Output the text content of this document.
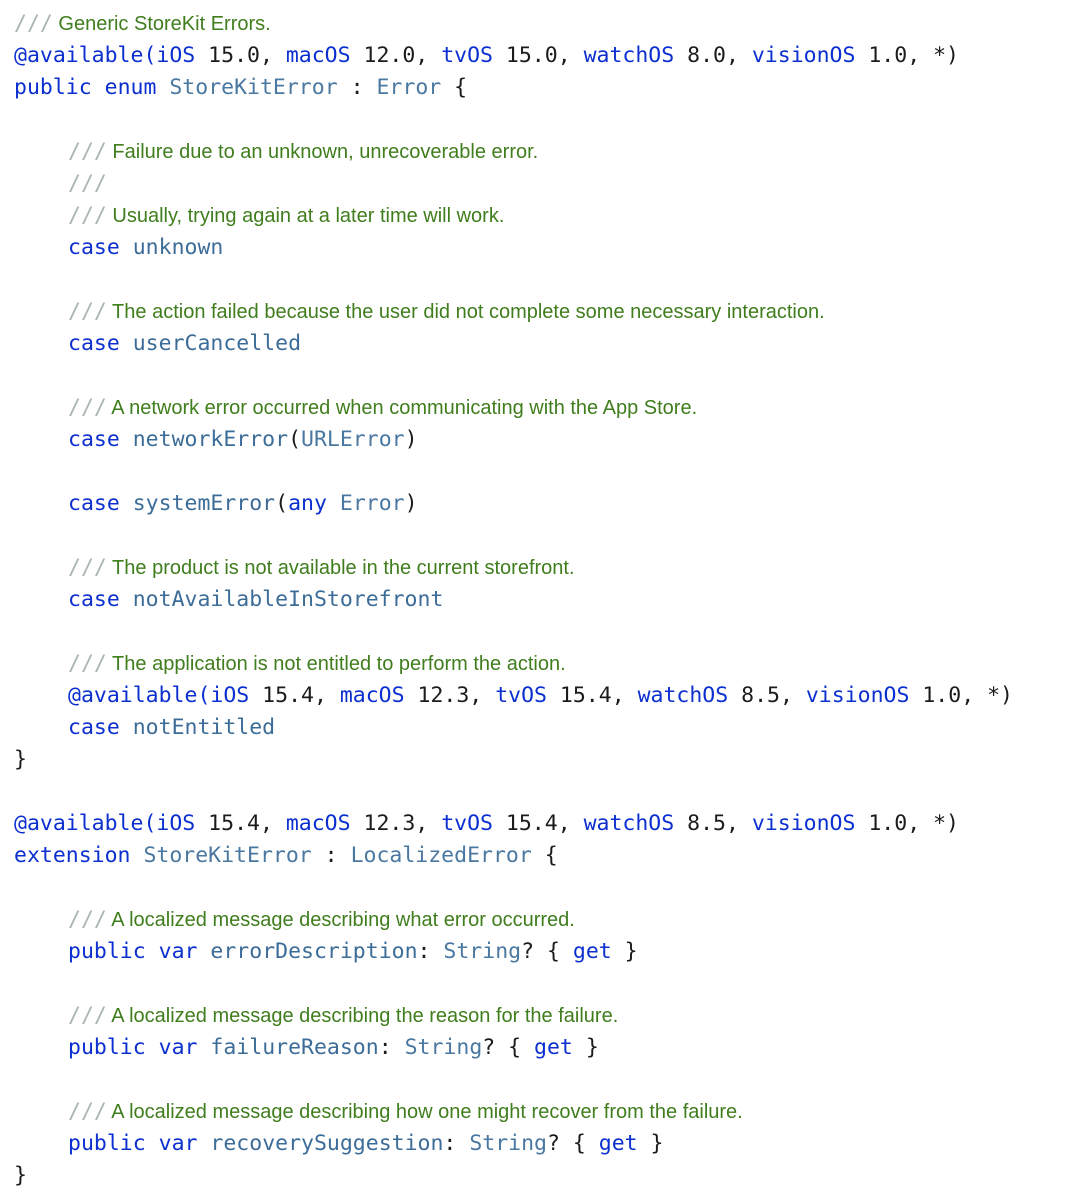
/// Generic StoreKit Errors.
@available(iOS 15.0, macOS 12.0, tvOS 15.0, watchOS 8.0, visionOS 1.0, *)
public enum StoreKitError : Error {
/// Failure due to an unknown, unrecoverable error.
///
/// Usually, trying again at a later time will work.
case unknown
/// The action failed because the user did not complete some necessary interaction.
case userCancelled
/// A network error occurred when communicating with the App Store.
case networkError(URLError)
case systemError(any Error)
/// The product is not available in the current storefront.
case notAvailableInStorefront
/// The application is not entitled to perform the action.
@available(iOS 15.4, macOS 12.3, tvOS 15.4, watchOS 8.5, visionOS 1.0, *)
case notEntitled
}
@available(iOS 15.4, macOS 12.3, tvOS 15.4, watchOS 8.5, visionOS 1.0, *)
extension StoreKitError : LocalizedError {
/// A localized message describing what error occurred.
public var errorDescription: String? { get }
/// A localized message describing the reason for the failure.
public var failureReason: String? { get }
/// A localized message describing how one might recover from the failure.
public var recoverySuggestion: String? { get }
}
